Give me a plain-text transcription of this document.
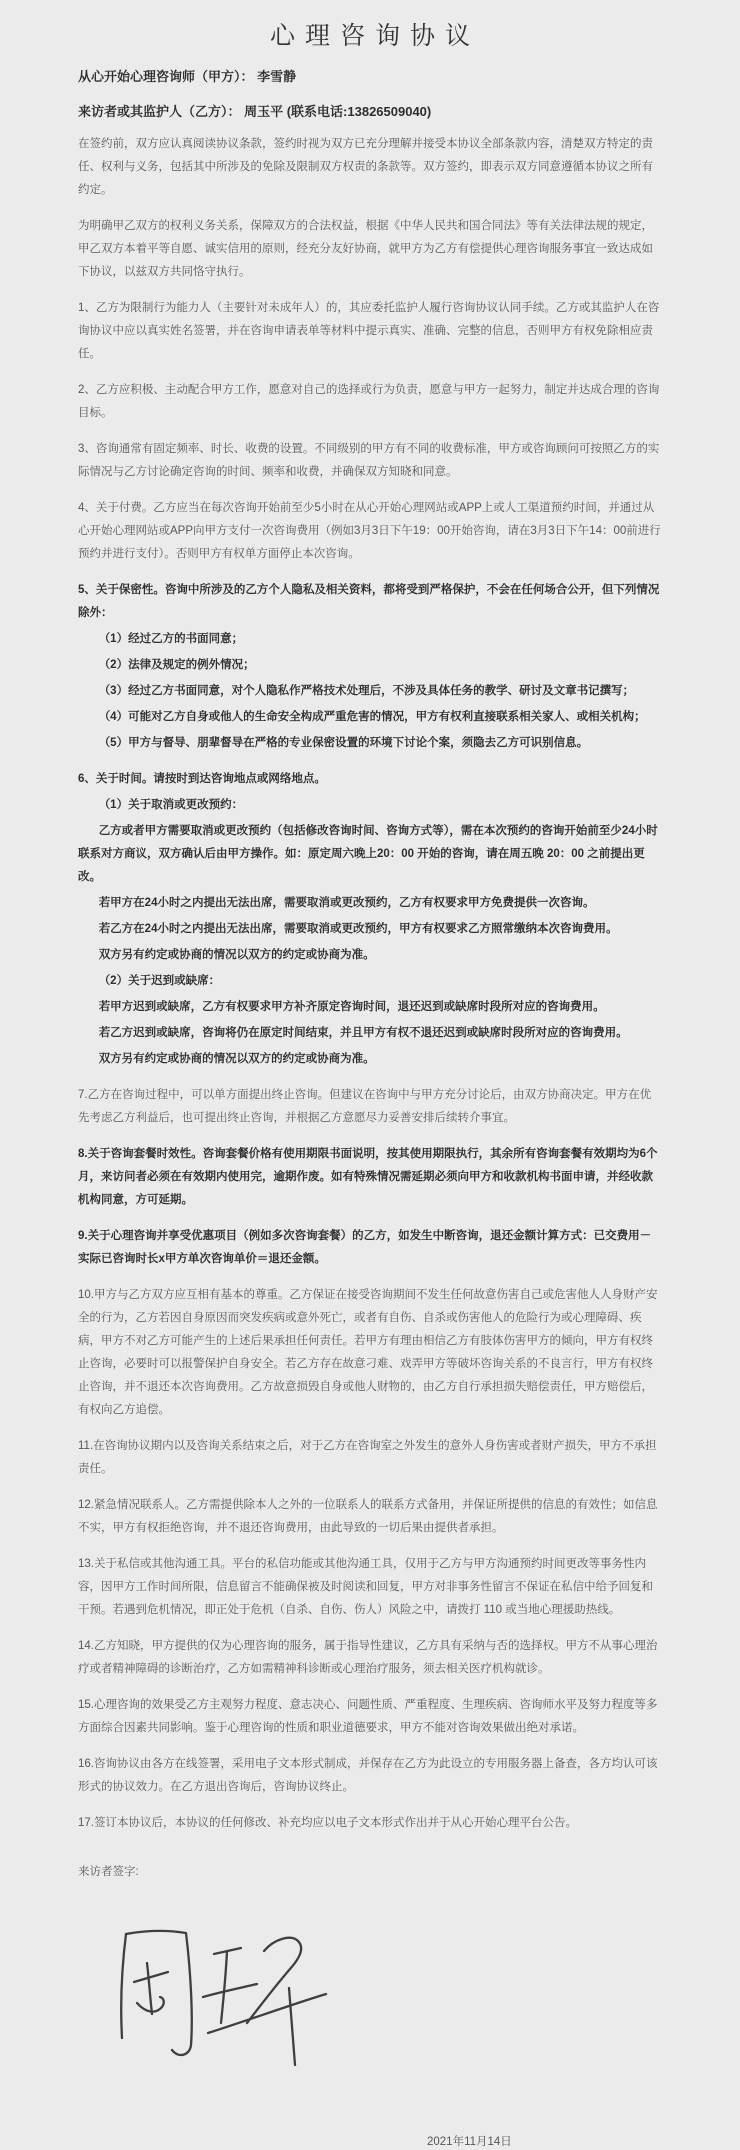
心理咨询协议

从心开始心理咨询师（甲方）： 李雪静

来访者或其监护人（乙方）： 周玉平 (联系电话:13826509040)

在签约前，双方应认真阅读协议条款，签约时视为双方已充分理解并接受本协议全部条款内容，清楚双方特定的责任、权利与义务，包括其中所涉及的免除及限制双方权责的条款等。双方签约，即表示双方同意遵循本协议之所有约定。

为明确甲乙双方的权利义务关系，保障双方的合法权益，根据《中华人民共和国合同法》等有关法律法规的规定，甲乙双方本着平等自愿、诚实信用的原则，经充分友好协商，就甲方为乙方有偿提供心理咨询服务事宜一致达成如下协议，以兹双方共同恪守执行。

1、乙方为限制行为能力人（主要针对未成年人）的，其应委托监护人履行咨询协议认同手续。乙方或其监护人在咨询协议中应以真实姓名签署，并在咨询申请表单等材料中提示真实、准确、完整的信息，否则甲方有权免除相应责任。

2、乙方应积极、主动配合甲方工作，愿意对自己的选择或行为负责，愿意与甲方一起努力，制定并达成合理的咨询目标。

3、咨询通常有固定频率、时长、收费的设置。不同级别的甲方有不同的收费标准，甲方或咨询顾问可按照乙方的实际情况与乙方讨论确定咨询的时间、频率和收费，并确保双方知晓和同意。

4、关于付费。乙方应当在每次咨询开始前至少5小时在从心开始心理网站或APP上或人工渠道预约时间，并通过从心开始心理网站或APP向甲方支付一次咨询费用（例如3月3日下午19：00开始咨询，请在3月3日下午14：00前进行预约并进行支付）。否则甲方有权单方面停止本次咨询。

5、关于保密性。咨询中所涉及的乙方个人隐私及相关资料，都将受到严格保护，不会在任何场合公开，但下列情况除外：

（1）经过乙方的书面同意；

（2）法律及规定的例外情况；

（3）经过乙方书面同意，对个人隐私作严格技术处理后，不涉及具体任务的教学、研讨及文章书记撰写；

（4）可能对乙方自身或他人的生命安全构成严重危害的情况，甲方有权利直接联系相关家人、或相关机构；

（5）甲方与督导、朋辈督导在严格的专业保密设置的环境下讨论个案，须隐去乙方可识别信息。

6、关于时间。请按时到达咨询地点或网络地点。

（1）关于取消或更改预约：

乙方或者甲方需要取消或更改预约（包括修改咨询时间、咨询方式等），需在本次预约的咨询开始前至少24小时联系对方商议，双方确认后由甲方操作。如：原定周六晚上20：00 开始的咨询，请在周五晚 20：00 之前提出更改。

若甲方在24小时之内提出无法出席，需要取消或更改预约，乙方有权要求甲方免费提供一次咨询。

若乙方在24小时之内提出无法出席，需要取消或更改预约，甲方有权要求乙方照常缴纳本次咨询费用。

双方另有约定或协商的情况以双方的约定或协商为准。

（2）关于迟到或缺席：

若甲方迟到或缺席，乙方有权要求甲方补齐原定咨询时间，退还迟到或缺席时段所对应的咨询费用。

若乙方迟到或缺席，咨询将仍在原定时间结束，并且甲方有权不退还迟到或缺席时段所对应的咨询费用。

双方另有约定或协商的情况以双方的约定或协商为准。

7.乙方在咨询过程中，可以单方面提出终止咨询。但建议在咨询中与甲方充分讨论后，由双方协商决定。甲方在优先考虑乙方利益后，也可提出终止咨询，并根据乙方意愿尽力妥善安排后续转介事宜。

8.关于咨询套餐时效性。咨询套餐价格有使用期限书面说明，按其使用期限执行，其余所有咨询套餐有效期均为6个月，来访问者必须在有效期内使用完，逾期作废。如有特殊情况需延期必须向甲方和收款机构书面申请，并经收款机构同意，方可延期。

9.关于心理咨询并享受优惠项目（例如多次咨询套餐）的乙方，如发生中断咨询，退还金额计算方式：已交费用－实际已咨询时长x甲方单次咨询单价＝退还金额。

10.甲方与乙方双方应互相有基本的尊重。乙方保证在接受咨询期间不发生任何故意伤害自己或危害他人人身财产安全的行为，乙方若因自身原因而突发疾病或意外死亡，或者有自伤、自杀或伤害他人的危险行为或心理障碍、疾病，甲方不对乙方可能产生的上述后果承担任何责任。若甲方有理由相信乙方有肢体伤害甲方的倾向，甲方有权终止咨询，必要时可以报警保护自身安全。若乙方存在故意刁难、戏弄甲方等破坏咨询关系的不良言行，甲方有权终止咨询，并不退还本次咨询费用。乙方故意损毁自身或他人财物的，由乙方自行承担损失赔偿责任，甲方赔偿后，有权向乙方追偿。

11.在咨询协议期内以及咨询关系结束之后，对于乙方在咨询室之外发生的意外人身伤害或者财产损失，甲方不承担责任。

12.紧急情况联系人。乙方需提供除本人之外的一位联系人的联系方式备用，并保证所提供的信息的有效性；如信息不实，甲方有权拒绝咨询，并不退还咨询费用，由此导致的一切后果由提供者承担。

13.关于私信或其他沟通工具。平台的私信功能或其他沟通工具，仅用于乙方与甲方沟通预约时间更改等事务性内容，因甲方工作时间所限，信息留言不能确保被及时阅读和回复，甲方对非事务性留言不保证在私信中给予回复和干预。若遇到危机情况，即正处于危机（自杀、自伤、伤人）风险之中，请拨打 110 或当地心理援助热线。

14.乙方知晓，甲方提供的仅为心理咨询的服务，属于指导性建议，乙方具有采纳与否的选择权。甲方不从事心理治疗或者精神障碍的诊断治疗，乙方如需精神科诊断或心理治疗服务，须去相关医疗机构就诊。

15.心理咨询的效果受乙方主观努力程度、意志决心、问题性质、严重程度、生理疾病、咨询师水平及努力程度等多方面综合因素共同影响。鉴于心理咨询的性质和职业道德要求，甲方不能对咨询效果做出绝对承诺。

16.咨询协议由各方在线签署，采用电子文本形式制成，并保存在乙方为此设立的专用服务器上备查，各方均认可该形式的协议效力。在乙方退出咨询后，咨询协议终止。

17.签订本协议后，本协议的任何修改、补充均应以电子文本形式作出并于从心开始心理平台公告。

来访者签字:

2021年11月14日
